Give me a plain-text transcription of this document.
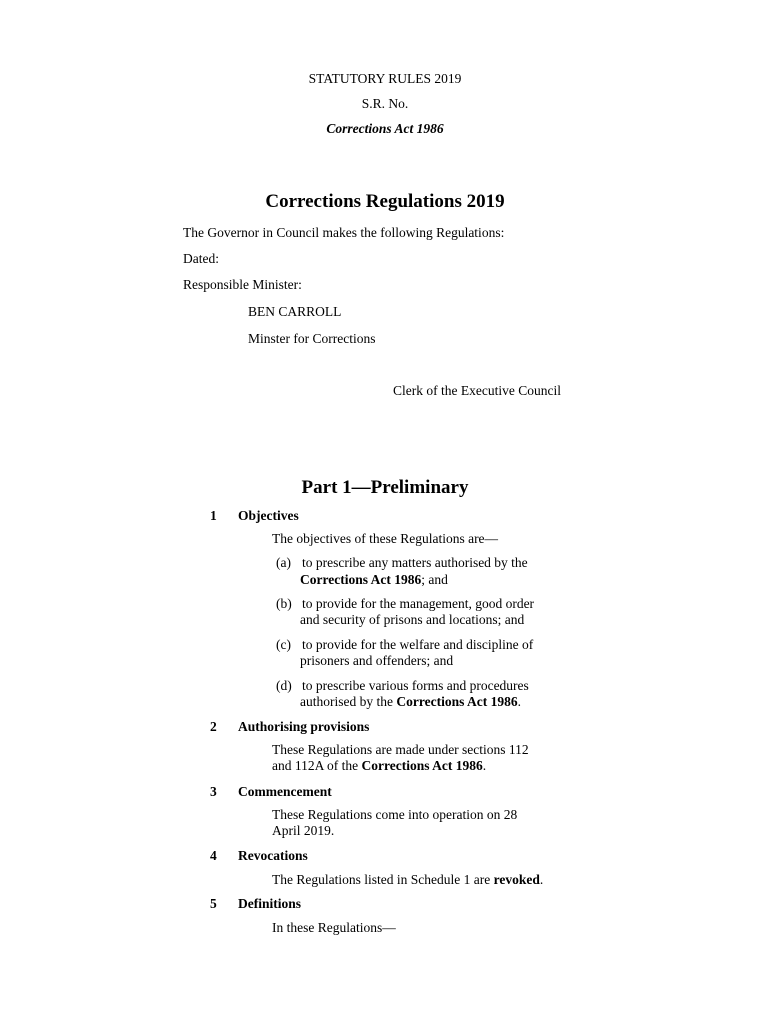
STATUTORY RULES 2019
S.R. No.
Corrections Act 1986
Corrections Regulations 2019
The Governor in Council makes the following Regulations:
Dated:
Responsible Minister:
BEN CARROLL
Minster for Corrections
Clerk of the Executive Council
Part 1—Preliminary
1 Objectives
The objectives of these Regulations are—
(a) to prescribe any matters authorised by the
Corrections Act 1986; and
(b) to provide for the management, good order
and security of prisons and locations; and
(c) to provide for the welfare and discipline of
prisoners and offenders; and
(d) to prescribe various forms and procedures
authorised by the Corrections Act 1986.
2 Authorising provisions
These Regulations are made under sections 112
and 112A of the Corrections Act 1986.
3 Commencement
These Regulations come into operation on 28
April 2019.
4 Revocations
The Regulations listed in Schedule 1 are revoked.
5 Definitions
In these Regulations—
